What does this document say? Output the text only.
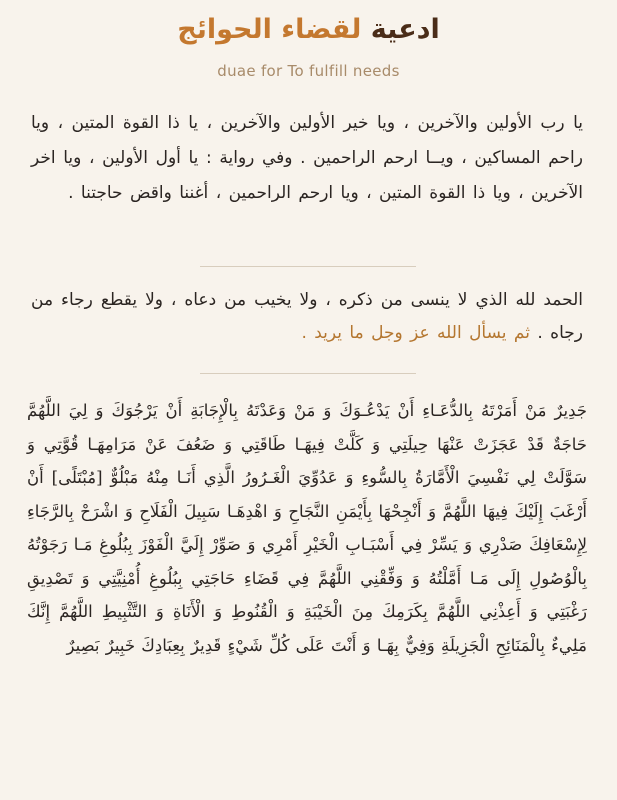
ادعية لقضاء الحوائج
duae for To fulfill needs

يا رب الأولين والآخرين ، ويا خير الأولين والآخرين ، يا ذا القوة المتين ، ويا راحم المساكين ، ويــا ارحم الراحمين . وفي رواية : يا أول الأولين ، ويا اخر الآخرين ، ويا ذا القوة المتين ، ويا ارحم الراحمين ، أغننا واقض حاجتنا .

الحمد لله الذي لا ينسى من ذكره ، ولا يخيب من دعاه ، ولا يقطع رجاء من رجاه . ثم يسأل الله عز وجل ما يريد .

جَدِيرٌ مَنْ أَمَرْتَهُ بِالدُّعَـاءِ أَنْ يَدْعُـوَكَ وَ مَنْ وَعَدْتَهُ بِالْإِجَابَةِ أَنْ يَرْجُوَكَ وَ لِيَ اللَّهُمَّ حَاجَةٌ قَدْ عَجَزَتْ عَنْهَا حِيلَتِي وَ كَلَّتْ فِيهَـا طَاقَتِي وَ ضَعُفَ عَنْ مَرَامِهَـا قُوَّتِي وَ سَوَّلَتْ لِي نَفْسِيَ الْأَمَّارَةُ بِالسُّوءِ وَ عَدُوِّيَ الْغَـرُورُ الَّذِي أَنَـا مِنْهُ مَبْلُوٌّ [مُبْتَلًى] أَنْ أَرْغَبَ إِلَيْكَ فِيهَا اللَّهُمَّ وَ أَنْجِحْهَا بِأَيْمَنِ النَّجَاحِ وَ اهْدِهَـا سَبِيلَ الْفَلَاحِ وَ اشْرَحْ بِالرَّجَاءِ لِإِسْعَافِكَ صَدْرِي وَ يَسِّرْ فِي أَسْبَـابِ الْخَيْرِ أَمْرِي وَ صَوِّرْ إِلَيَّ الْفَوْزَ بِبُلُوغِ مَـا رَجَوْتُهُ بِالْوُصُولِ إِلَى مَـا أَمَّلْتُهُ وَ وَفِّقْنِي اللَّهُمَّ فِي قَضَاءِ حَاجَتِي بِبُلُوغِ أُمْنِيَّتِي وَ تَصْدِيقِ رَغْبَتِي وَ أَعِذْنِي اللَّهُمَّ بِكَرَمِكَ مِنَ الْخَيْبَةِ وَ الْقُنُوطِ وَ الْأَنَاةِ وَ التَّثْبِيطِ اللَّهُمَّ إِنَّكَ مَلِيءٌ بِالْمَنَائِحِ الْجَزِيلَةِ وَفِيٌّ بِهَـا وَ أَنْتَ عَلَى كُلِّ شَيْءٍ قَدِيرٌ بِعِبَادِكَ خَبِيرٌ بَصِيرٌ
